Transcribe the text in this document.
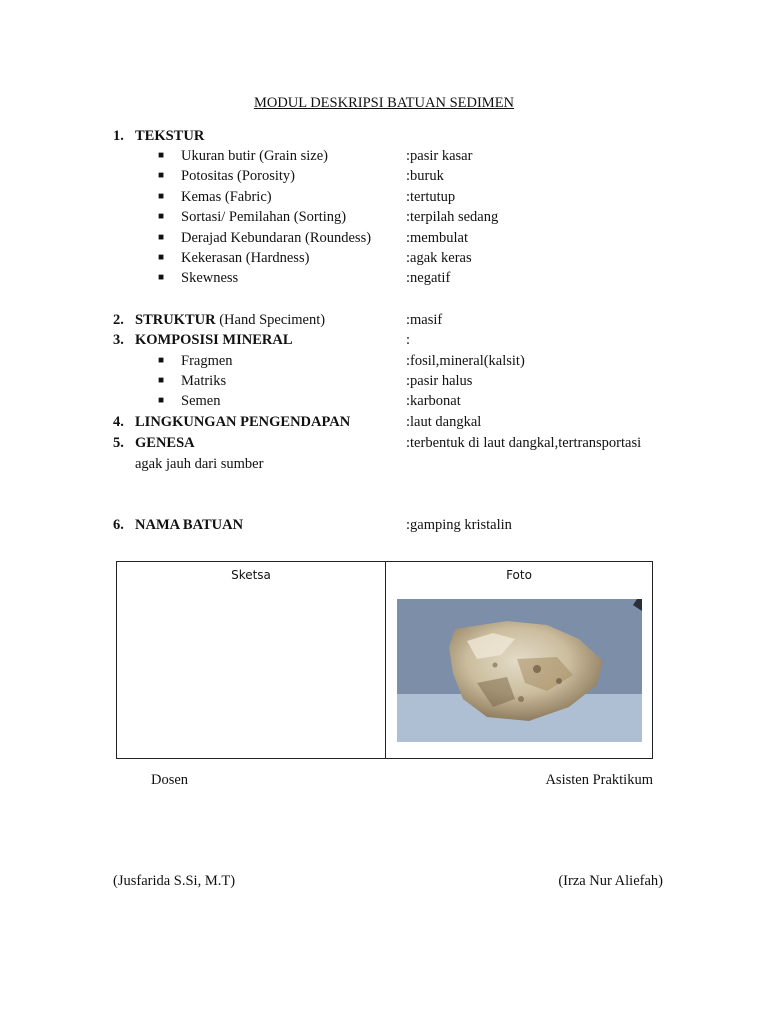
MODUL DESKRIPSI BATUAN SEDIMEN
1. TEKSTUR
■ Ukuran butir (Grain size)	:pasir kasar
■ Potositas (Porosity)	:buruk
■ Kemas (Fabric)	:tertutup
■ Sortasi/ Pemilahan (Sorting)	:terpilah sedang
■ Derajad Kebundaran (Roundess) :membulat
■ Kekerasan (Hardness)	:agak keras
■ Skewness	:negatif
2. STRUKTUR (Hand Speciment)	:masif
3. KOMPOSISI MINERAL	:
■ Fragmen	:fosil,mineral(kalsit)
■ Matriks	:pasir halus
■ Semen	:karbonat
4. LINGKUNGAN PENGENDAPAN	:laut dangkal
5. GENESA	:terbentuk di laut dangkal,tertransportasi
agak jauh dari sumber
6. NAMA BATUAN	:gamping kristalin
Sketsa	Foto
Dosen	Asisten Praktikum
(Jusfarida S.Si, M.T)	(Irza Nur Aliefah)
